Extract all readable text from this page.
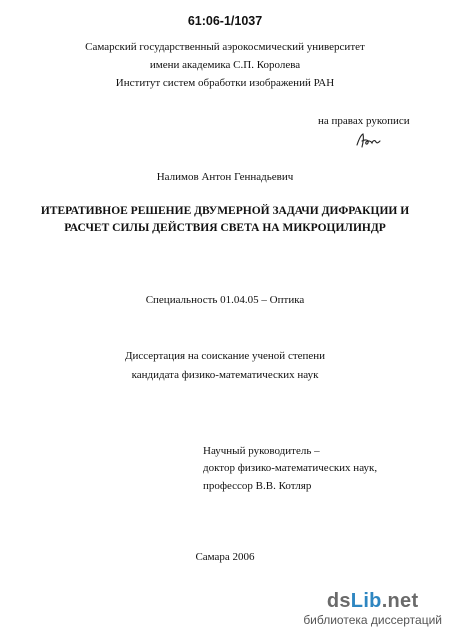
61:06-1/1037
Самарский государственный аэрокосмический университет
имени академика С.П. Королева
Институт систем обработки изображений РАН
на правах рукописи
Налимов Антон Геннадьевич
ИТЕРАТИВНОЕ РЕШЕНИЕ ДВУМЕРНОЙ ЗАДАЧИ ДИФРАКЦИИ И
РАСЧЕТ СИЛЫ ДЕЙСТВИЯ СВЕТА НА МИКРОЦИЛИНДР
Специальность 01.04.05 – Оптика
Диссертация на соискание ученой степени
кандидата физико-математических наук
Научный руководитель –
доктор физико-математических наук,
профессор В.В. Котляр
Самара 2006
dsLib.net
библиотека диссертаций
